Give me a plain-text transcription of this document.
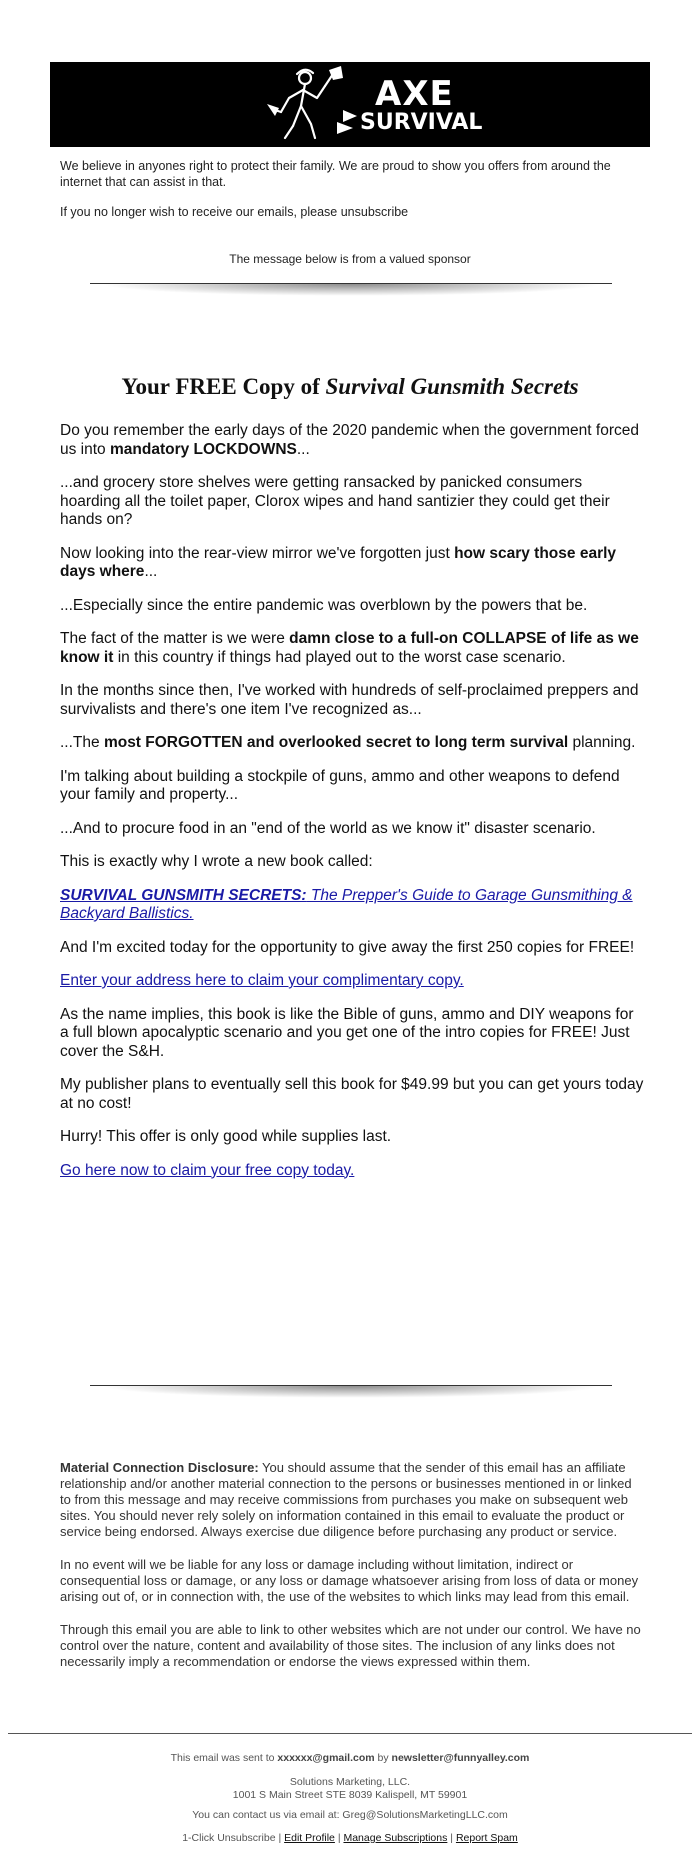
AXE
SURVIVAL
We believe in anyones right to protect their family. We are proud to show you offers from around the internet that can assist in that.
If you no longer wish to receive our emails, please unsubscribe
The message below is from a valued sponsor
Your FREE Copy of Survival Gunsmith Secrets

Do you remember the early days of the 2020 pandemic when the government forced us into mandatory LOCKDOWNS...

...and grocery store shelves were getting ransacked by panicked consumers hoarding all the toilet paper, Clorox wipes and hand santizier they could get their hands on?

Now looking into the rear-view mirror we've forgotten just how scary those early days where...

...Especially since the entire pandemic was overblown by the powers that be.

The fact of the matter is we were damn close to a full-on COLLAPSE of life as we know it in this country if things had played out to the worst case scenario.

In the months since then, I've worked with hundreds of self-proclaimed preppers and survivalists and there's one item I've recognized as...

...The most FORGOTTEN and overlooked secret to long term survival planning.

I'm talking about building a stockpile of guns, ammo and other weapons to defend your family and property...

...And to procure food in an "end of the world as we know it" disaster scenario.

This is exactly why I wrote a new book called:

SURVIVAL GUNSMITH SECRETS: The Prepper's Guide to Garage Gunsmithing & Backyard Ballistics.

And I'm excited today for the opportunity to give away the first 250 copies for FREE!

Enter your address here to claim your complimentary copy.

As the name implies, this book is like the Bible of guns, ammo and DIY weapons for a full blown apocalyptic scenario and you get one of the intro copies for FREE! Just cover the S&H.

My publisher plans to eventually sell this book for $49.99 but you can get yours today at no cost!

Hurry! This offer is only good while supplies last.

Go here now to claim your free copy today.

Material Connection Disclosure: You should assume that the sender of this email has an affiliate relationship and/or another material connection to the persons or businesses mentioned in or linked to from this message and may receive commissions from purchases you make on subsequent web sites. You should never rely solely on information contained in this email to evaluate the product or service being endorsed. Always exercise due diligence before purchasing any product or service.

In no event will we be liable for any loss or damage including without limitation, indirect or consequential loss or damage, or any loss or damage whatsoever arising from loss of data or money arising out of, or in connection with, the use of the websites to which links may lead from this email.

Through this email you are able to link to other websites which are not under our control. We have no control over the nature, content and availability of those sites. The inclusion of any links does not necessarily imply a recommendation or endorse the views expressed within them.

This email was sent to xxxxxx@gmail.com by newsletter@funnyalley.com
Solutions Marketing, LLC.
1001 S Main Street STE 8039 Kalispell, MT 59901
You can contact us via email at: Greg@SolutionsMarketingLLC.com
1-Click Unsubscribe | Edit Profile | Manage Subscriptions | Report Spam
